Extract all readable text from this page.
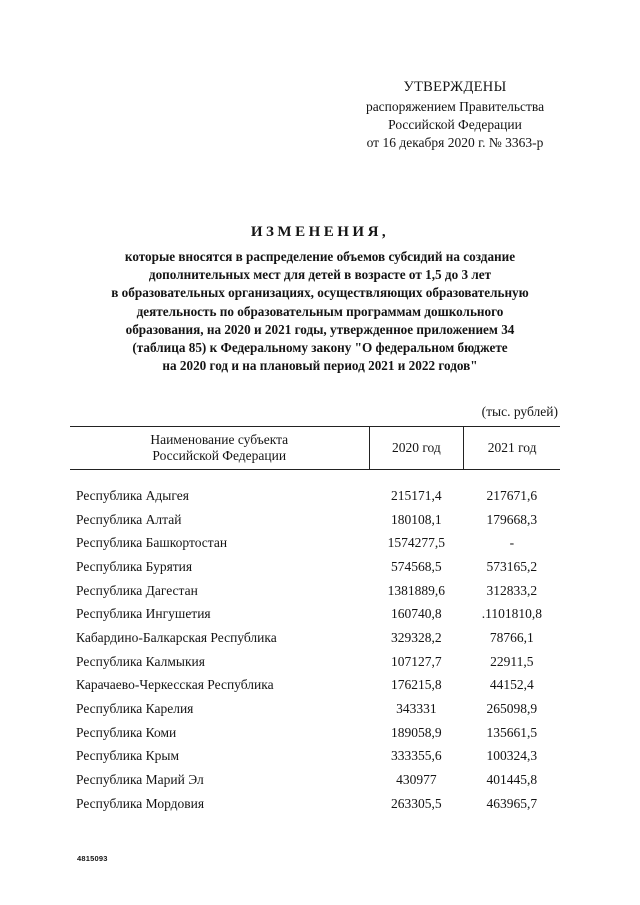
УТВЕРЖДЕНЫ
распоряжением Правительства
Российской Федерации
от 16 декабря 2020 г. № 3363-р
ИЗМЕНЕНИЯ,
которые вносятся в распределение объемов субсидий на создание
дополнительных мест для детей в возрасте от 1,5 до 3 лет
в образовательных организациях, осуществляющих образовательную
деятельность по образовательным программам дошкольного
образования, на 2020 и 2021 годы, утвержденное приложением 34
(таблица 85) к Федеральному закону "О федеральном бюджете
на 2020 год и на плановый период 2021 и 2022 годов"
(тыс. рублей)
Наименование субъекта
Российской Федерации	2020 год	2021 год

Республика Адыгея	215171,4	217671,6
Республика Алтай	180108,1	179668,3
Республика Башкортостан	1574277,5	-
Республика Бурятия	574568,5	573165,2
Республика Дагестан	1381889,6	312833,2
Республика Ингушетия	160740,8	.1101810,8
Кабардино-Балкарская Республика	329328,2	78766,1
Республика Калмыкия	107127,7	22911,5
Карачаево-Черкесская Республика	176215,8	44152,4
Республика Карелия	343331	265098,9
Республика Коми	189058,9	135661,5
Республика Крым	333355,6	100324,3
Республика Марий Эл	430977	401445,8
Республика Мордовия	263305,5	463965,7
4815093
